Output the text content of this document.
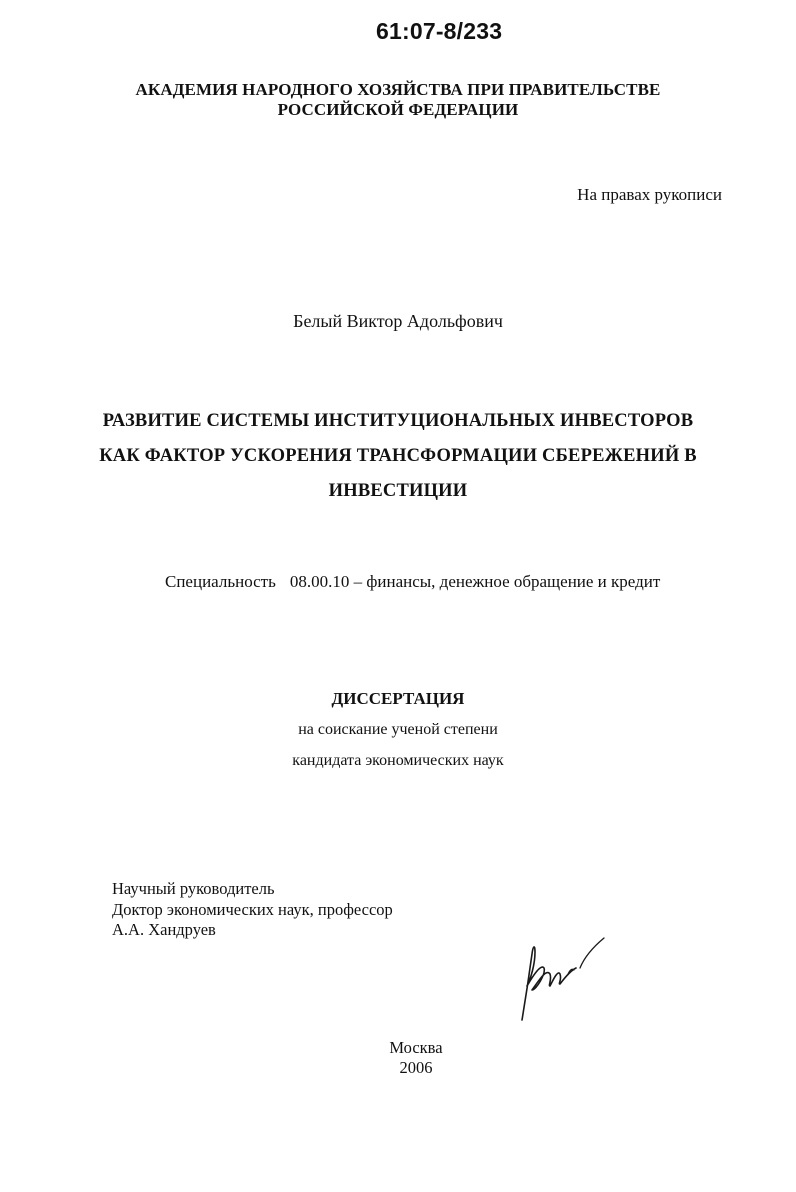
61:07-8/233
АКАДЕМИЯ НАРОДНОГО ХОЗЯЙСТВА ПРИ ПРАВИТЕЛЬСТВЕ
РОССИЙСКОЙ ФЕДЕРАЦИИ
На правах рукописи
Белый Виктор Адольфович
РАЗВИТИЕ СИСТЕМЫ ИНСТИТУЦИОНАЛЬНЫХ ИНВЕСТОРОВ
КАК ФАКТОР УСКОРЕНИЯ ТРАНСФОРМАЦИИ СБЕРЕЖЕНИЙ В
ИНВЕСТИЦИИ
Специальность 08.00.10 – финансы, денежное обращение и кредит
ДИССЕРТАЦИЯ
на соискание ученой степени
кандидата экономических наук
Научный руководитель
Доктор экономических наук, профессор
А.А. Хандруев
Москва
2006
